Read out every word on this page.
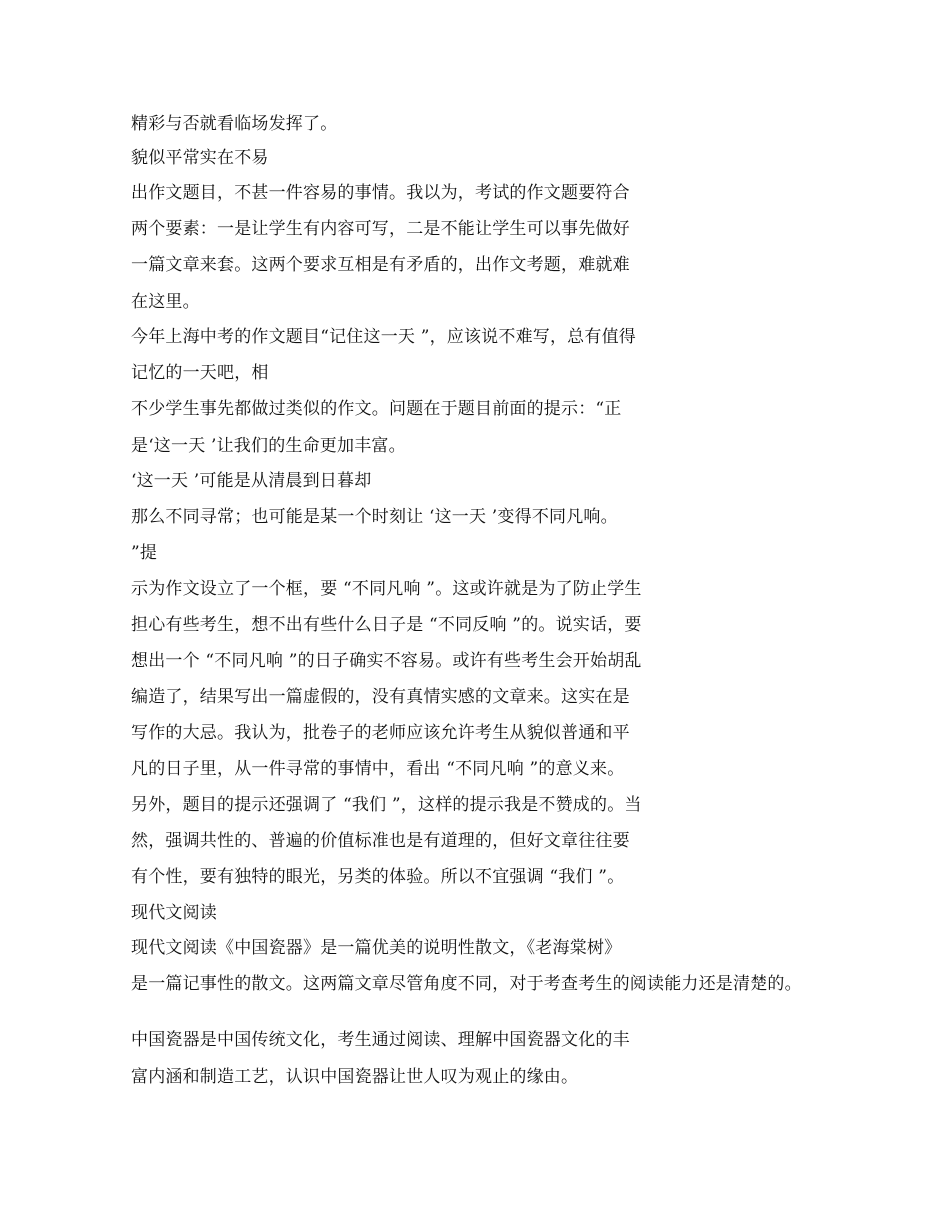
精彩与否就看临场发挥了。
貌似平常实在不易
出作文题目，不甚一件容易的事情。我以为，考试的作文题要符合
两个要素：一是让学生有内容可写，二是不能让学生可以事先做好
一篇文章来套。这两个要求互相是有矛盾的，出作文考题，难就难
在这里。
今年上海中考的作文题目“记住这一天 ”，应该说不难写，总有值得
记忆的一天吧，相
不少学生事先都做过类似的作文。问题在于题目前面的提示：“正
是‘这一天 ’让我们的生命更加丰富。
‘这一天 ’可能是从清晨到日暮却
那么不同寻常；也可能是某一个时刻让 ‘这一天 ’变得不同凡响。
”提
示为作文设立了一个框，要 “不同凡响 ”。这或许就是为了防止学生
担心有些考生，想不出有些什么日子是 “不同反响 ”的。说实话，要
想出一个 “不同凡响 ”的日子确实不容易。或许有些考生会开始胡乱
编造了，结果写出一篇虚假的，没有真情实感的文章来。这实在是
写作的大忌。我认为，批卷子的老师应该允许考生从貌似普通和平
凡的日子里，从一件寻常的事情中，看出 “不同凡响 ”的意义来。
另外，题目的提示还强调了 “我们 ”，这样的提示我是不赞成的。当
然，强调共性的、普遍的价值标准也是有道理的，但好文章往往要
有个性，要有独特的眼光，另类的体验。所以不宜强调 “我们 ”。
现代文阅读
现代文阅读《中国瓷器》是一篇优美的说明性散文，《老海棠树》
是一篇记事性的散文。这两篇文章尽管角度不同，对于考查考生的阅读能力还是清楚的。
中国瓷器是中国传统文化，考生通过阅读、理解中国瓷器文化的丰
富内涵和制造工艺，认识中国瓷器让世人叹为观止的缘由。
